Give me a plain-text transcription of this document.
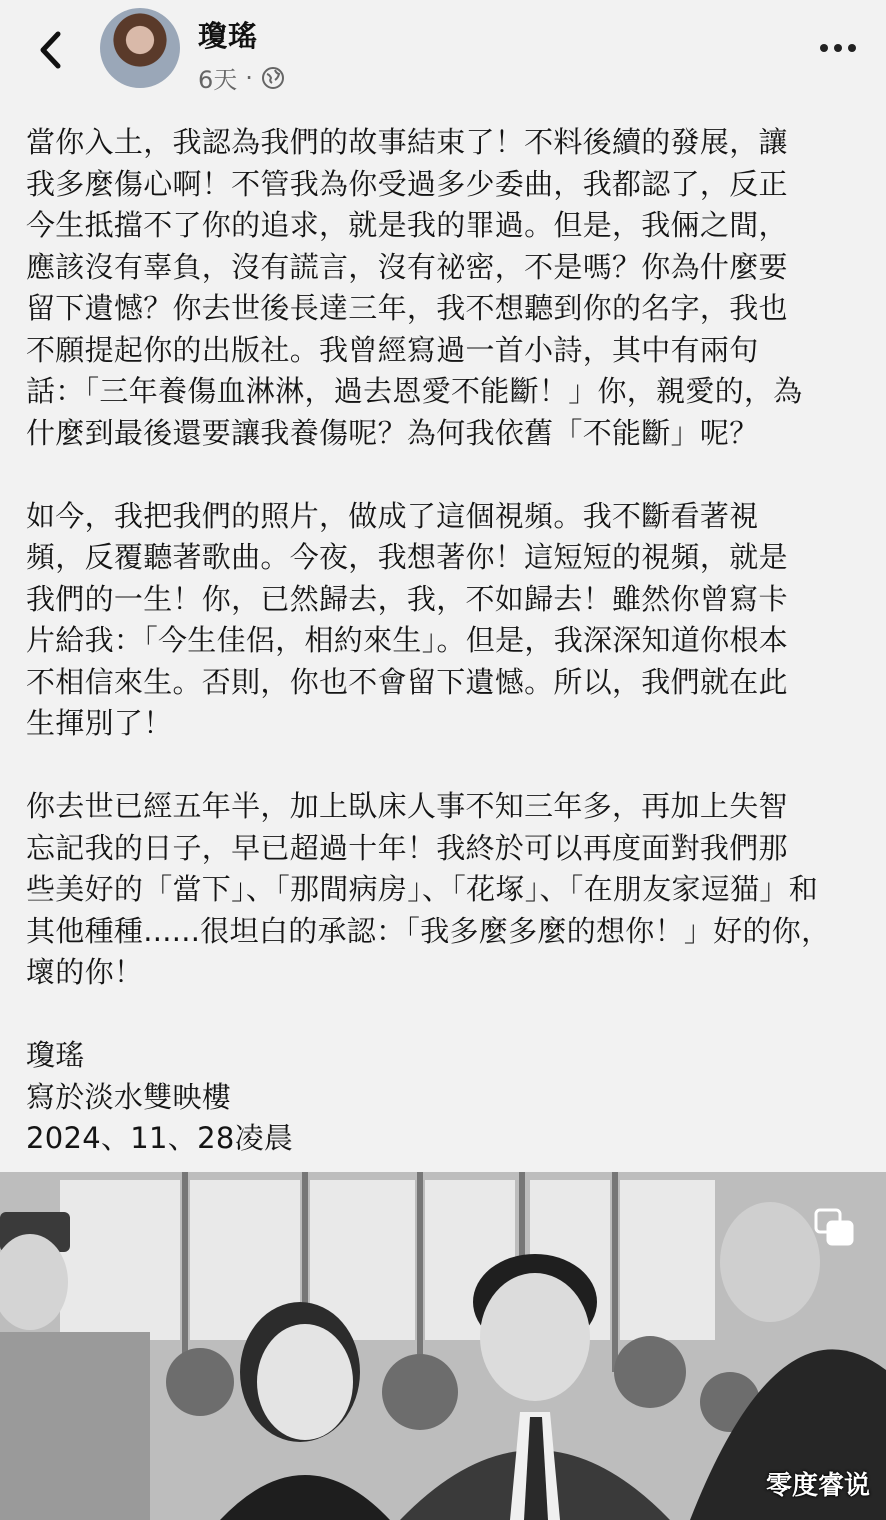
瓊瑤
6天 ·

當你入土，我認為我們的故事結束了！不料後續的發展，讓
我多麼傷心啊！不管我為你受過多少委曲，我都認了，反正
今生抵擋不了你的追求，就是我的罪過。但是，我倆之間，
應該沒有辜負，沒有謊言，沒有祕密，不是嗎？你為什麼要
留下遺憾？你去世後長達三年，我不想聽到你的名字，我也
不願提起你的出版社。我曾經寫過一首小詩，其中有兩句
話：「三年養傷血淋淋，過去恩愛不能斷！」你，親愛的，為
什麼到最後還要讓我養傷呢？為何我依舊「不能斷」呢？

如今，我把我們的照片，做成了這個視頻。我不斷看著視
頻，反覆聽著歌曲。今夜，我想著你！這短短的視頻，就是
我們的一生！你，已然歸去，我，不如歸去！雖然你曾寫卡
片給我：「今生佳侶，相約來生」。但是，我深深知道你根本
不相信來生。否則，你也不會留下遺憾。所以，我們就在此
生揮別了！

你去世已經五年半，加上臥床人事不知三年多，再加上失智
忘記我的日子，早已超過十年！我終於可以再度面對我們那
些美好的「當下」、「那間病房」、「花塚」、「在朋友家逗猫」和
其他種種......很坦白的承認：「我多麼多麼的想你！」好的你，
壞的你！

瓊瑤

寫於淡水雙映樓

2024、11、28凌晨

零度睿说
